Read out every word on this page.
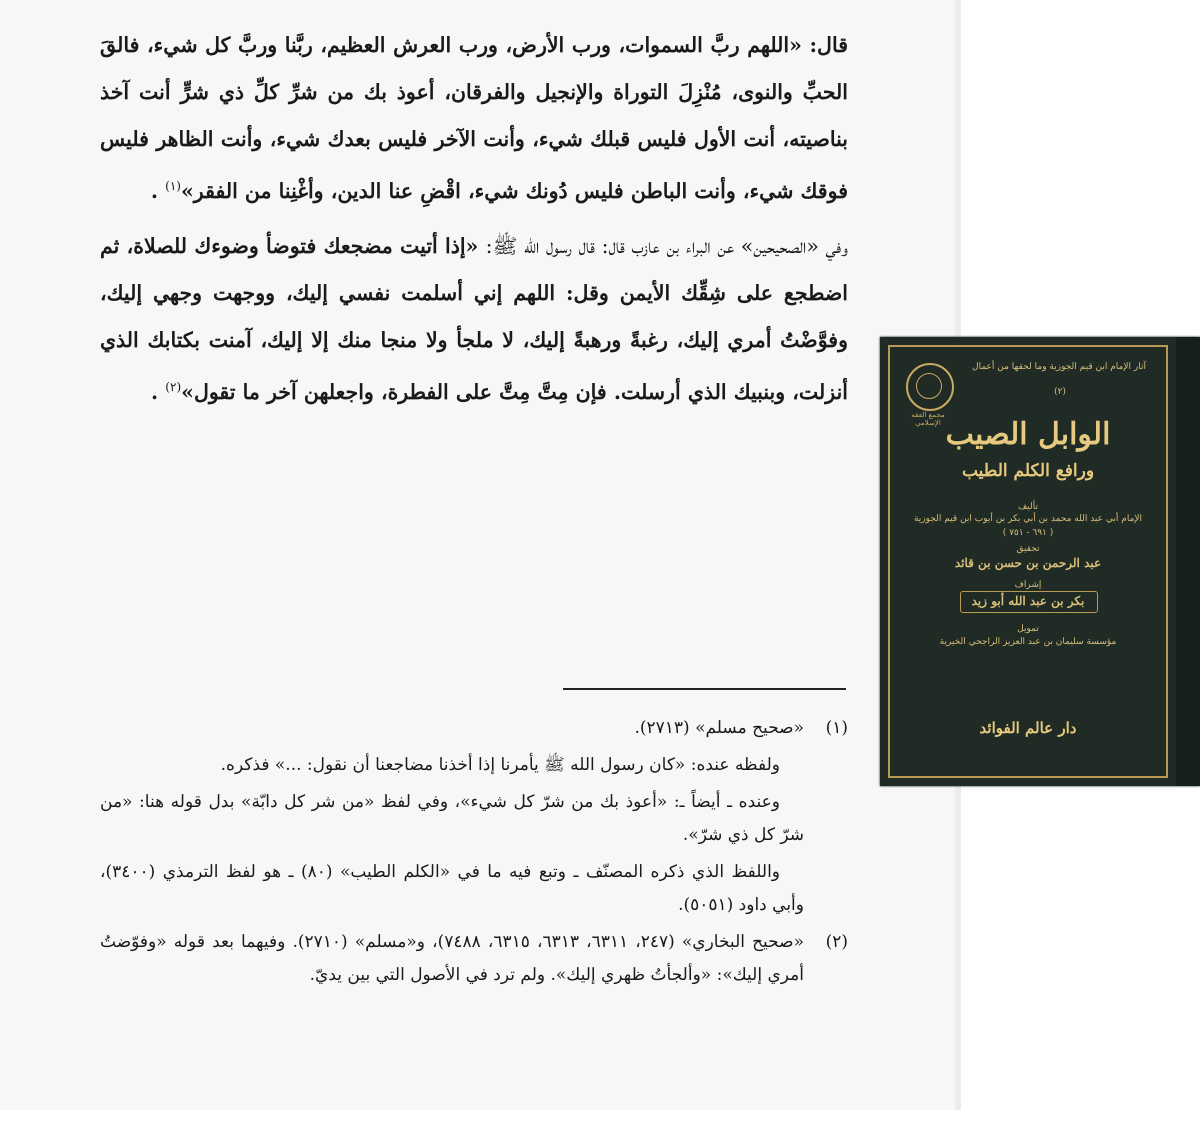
قال: «اللهم ربَّ السموات، ورب الأرض، ورب العرش العظيم، ربَّنا وربَّ كل شيء، فالقَ الحبِّ والنوى، مُنْزِلَ التوراة والإنجيل والفرقان، أعوذ بك من شرِّ كلِّ ذي شرٍّ أنت آخذ بناصيته، أنت الأول فليس قبلك شيء، وأنت الآخر فليس بعدك شيء، وأنت الظاهر فليس فوقك شيء، وأنت الباطن فليس دُونك شيء، اقْضِ عنا الدين، وأغْنِنا من الفقر»$^{(١)}$ .

وفي «الصحيحين» عن البراء بن عازب قال: قال رسول الله ﷺ: «إذا أتيت مضجعك فتوضأ وضوءك للصلاة، ثم اضطجع على شِقِّك الأيمن وقل: اللهم إني أسلمت نفسي إليك، ووجهت وجهي إليك، وفوَّضْتُ أمري إليك، رغبةً ورهبةً إليك، لا ملجأ ولا منجا منك إلا إليك، آمنت بكتابك الذي أنزلت، وبنبيك الذي أرسلت. فإن مِتَّ مِتَّ على الفطرة، واجعلهن آخر ما تقول»$^{(٢)}$ .

(١)

«صحيح مسلم» (٢٧١٣).

ولفظه عنده: «كان رسول الله ﷺ يأمرنا إذا أخذنا مضاجعنا أن نقول: ...» فذكره.

وعنده ـ أيضاً ـ: «أعوذ بك من شرّ كل شيء»، وفي لفظ «من شر كل دابّة» بدل قوله هنا: «من شرّ كل ذي شرّ».

واللفظ الذي ذكره المصنّف ـ وتبع فيه ما في «الكلم الطيب» (٨٠) ـ هو لفظ الترمذي (٣٤٠٠)، وأبي داود (٥٠٥١).

(٢)

«صحيح البخاري» (٢٤٧، ٦٣١١، ٦٣١٣، ٦٣١٥، ٧٤٨٨)، و«مسلم» (٢٧١٠). وفيهما بعد قوله «وفوّضتُ أمري إليك»: «وألجأتُ ظهري إليك». ولم ترد في الأصول التي بين يديّ.

مجمع الفقه الإسلامي
آثار الإمام ابن قيم الجوزية وما لحقها من أعمال
(٢)
الوابل الصيب
ورافع الكلم الطيب
تأليف
الإمام أبي عبد الله محمد بن أبي بكر بن أيوب ابن قيم الجوزية
( ٦٩١ - ٧٥١ )
تحقيق
عبد الرحمن بن حسن بن قائد
إشراف
بكر بن عبد الله أبو زيد
تمويل
مؤسسة سليمان بن عبد العزيز الراجحي الخيرية
دار عالم الفوائد
